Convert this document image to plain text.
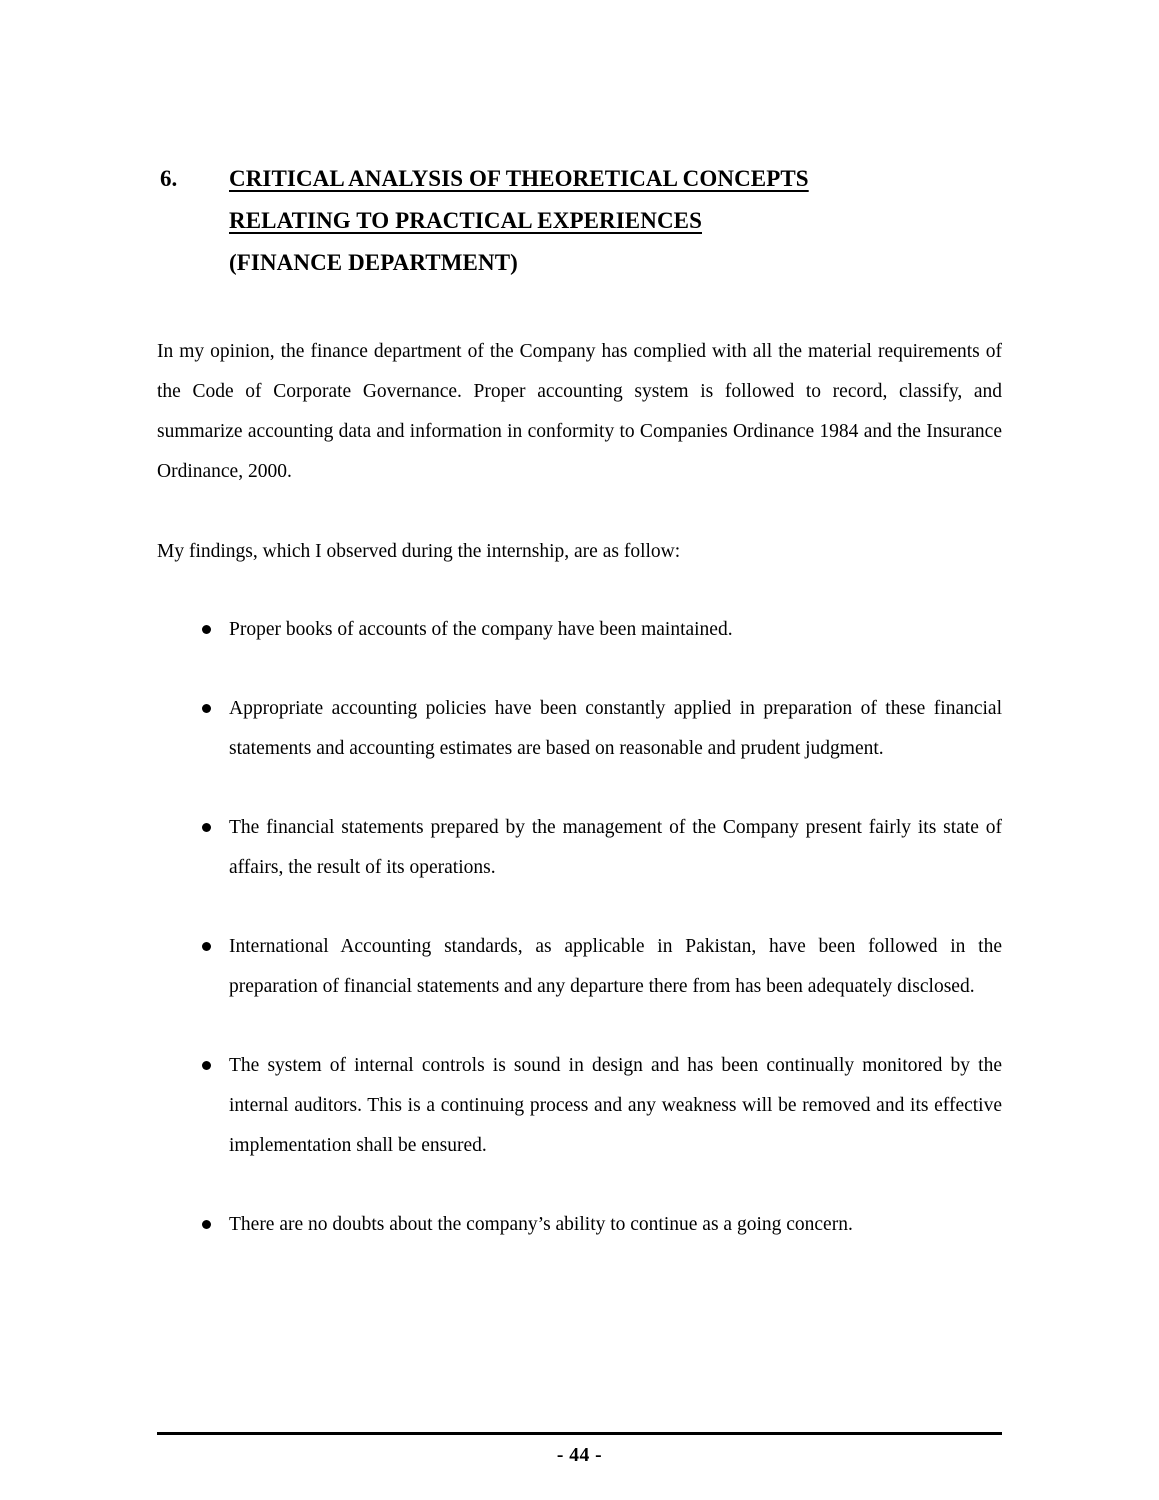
6. CRITICAL ANALYSIS OF THEORETICAL CONCEPTS
RELATING TO PRACTICAL EXPERIENCES
(FINANCE DEPARTMENT)

In my opinion, the finance department of the Company has complied with all the material requirements of the Code of Corporate Governance. Proper accounting system is followed to record, classify, and summarize accounting data and information in conformity to Companies Ordinance 1984 and the Insurance Ordinance, 2000.

My findings, which I observed during the internship, are as follow:

Proper books of accounts of the company have been maintained.
Appropriate accounting policies have been constantly applied in preparation of these financial statements and accounting estimates are based on reasonable and prudent judgment.
The financial statements prepared by the management of the Company present fairly its state of affairs, the result of its operations.
International Accounting standards, as applicable in Pakistan, have been followed in the preparation of financial statements and any departure there from has been adequately disclosed.
The system of internal controls is sound in design and has been continually monitored by the internal auditors. This is a continuing process and any weakness will be removed and its effective implementation shall be ensured.
There are no doubts about the company’s ability to continue as a going concern.
- 44 -
